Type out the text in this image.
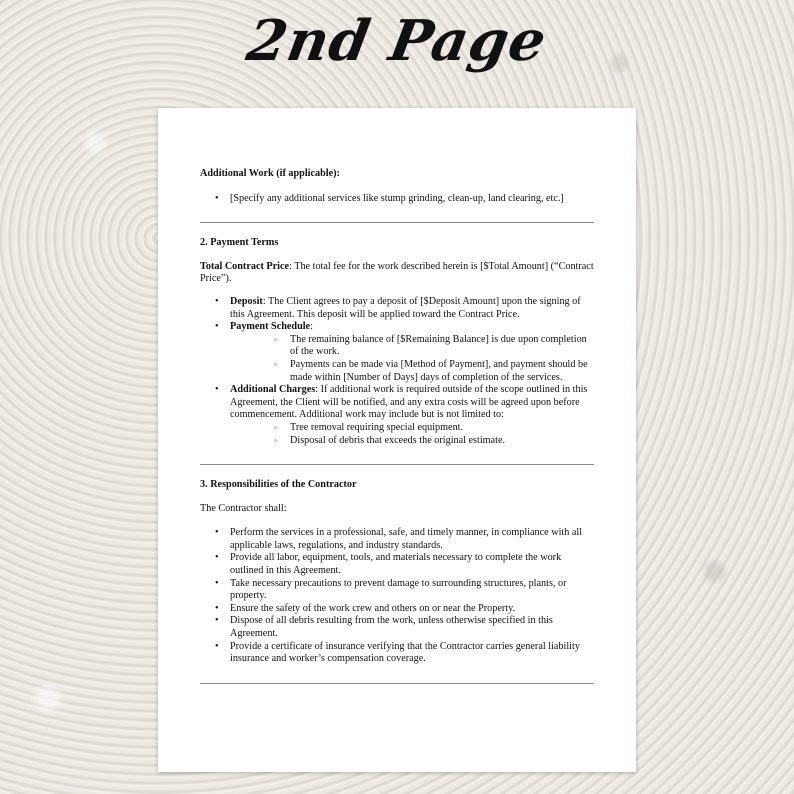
2nd Page

Additional Work (if applicable):

• [Specify any additional services like stump grinding, clean-up, land clearing, etc.]

2. Payment Terms

Total Contract Price: The total fee for the work described herein is [$Total Amount] (“Contract Price”).

• Deposit: The Client agrees to pay a deposit of [$Deposit Amount] upon the signing of this Agreement. This deposit will be applied toward the Contract Price.
• Payment Schedule:
◦ The remaining balance of [$Remaining Balance] is due upon completion of the work.
◦ Payments can be made via [Method of Payment], and payment should be made within [Number of Days] days of completion of the services.
• Additional Charges: If additional work is required outside of the scope outlined in this Agreement, the Client will be notified, and any extra costs will be agreed upon before commencement. Additional work may include but is not limited to:
◦ Tree removal requiring special equipment.
◦ Disposal of debris that exceeds the original estimate.

3. Responsibilities of the Contractor

The Contractor shall:

• Perform the services in a professional, safe, and timely manner, in compliance with all applicable laws, regulations, and industry standards.
• Provide all labor, equipment, tools, and materials necessary to complete the work outlined in this Agreement.
• Take necessary precautions to prevent damage to surrounding structures, plants, or property.
• Ensure the safety of the work crew and others on or near the Property.
• Dispose of all debris resulting from the work, unless otherwise specified in this Agreement.
• Provide a certificate of insurance verifying that the Contractor carries general liability insurance and worker’s compensation coverage.
